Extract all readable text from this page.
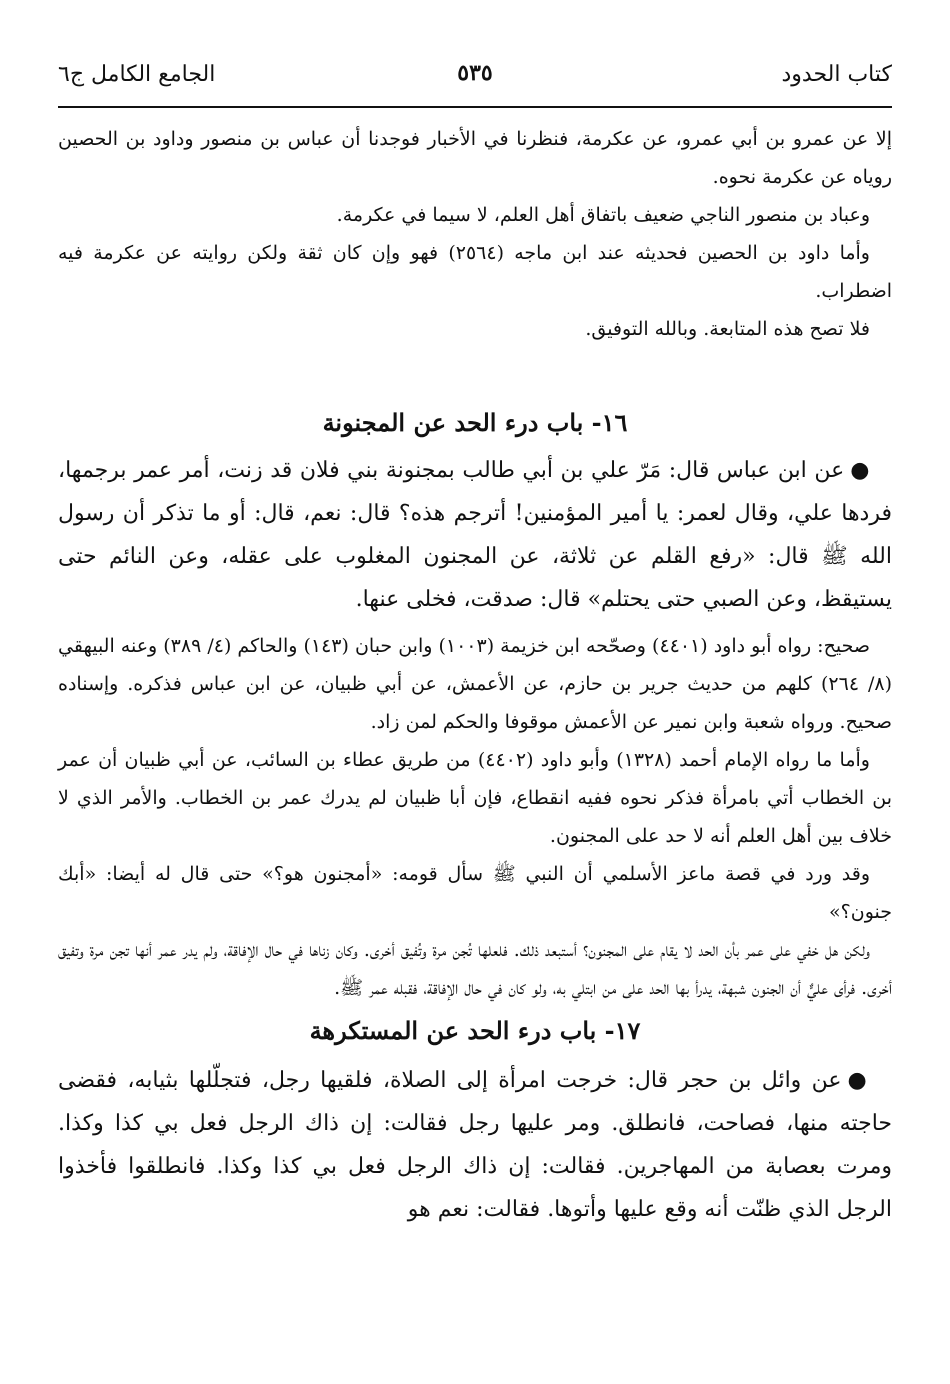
كتاب الحدود
٥٣٥
الجامع الكامل ج٦

إلا عن عمرو بن أبي عمرو، عن عكرمة، فنظرنا في الأخبار فوجدنا أن عباس بن منصور وداود بن الحصين روياه عن عكرمة نحوه.

وعباد بن منصور الناجي ضعيف باتفاق أهل العلم، لا سيما في عكرمة.

وأما داود بن الحصين فحديثه عند ابن ماجه (٢٥٦٤) فهو وإن كان ثقة ولكن روايته عن عكرمة فيه اضطراب.

فلا تصح هذه المتابعة. وبالله التوفيق.

١٦- باب درء الحد عن المجنونة

●عن ابن عباس قال: مَرّ علي بن أبي طالب بمجنونة بني فلان قد زنت، أمر عمر برجمها، فردها علي، وقال لعمر: يا أمير المؤمنين! أترجم هذه؟ قال: نعم، قال: أو ما تذكر أن رسول الله ﷺ قال: «رفع القلم عن ثلاثة، عن المجنون المغلوب على عقله، وعن النائم حتى يستيقظ، وعن الصبي حتى يحتلم» قال: صدقت، فخلى عنها.

صحيح: رواه أبو داود (٤٤٠١) وصحّحه ابن خزيمة (١٠٠٣) وابن حبان (١٤٣) والحاكم (٤/ ٣٨٩) وعنه البيهقي (٨/ ٢٦٤) كلهم من حديث جرير بن حازم، عن الأعمش، عن أبي ظبيان، عن ابن عباس فذكره. وإسناده صحيح. ورواه شعبة وابن نمير عن الأعمش موقوفا والحكم لمن زاد.

وأما ما رواه الإمام أحمد (١٣٢٨) وأبو داود (٤٤٠٢) من طريق عطاء بن السائب، عن أبي ظبيان أن عمر بن الخطاب أتي بامرأة فذكر نحوه ففيه انقطاع، فإن أبا ظبيان لم يدرك عمر بن الخطاب. والأمر الذي لا خلاف بين أهل العلم أنه لا حد على المجنون.

وقد ورد في قصة ماعز الأسلمي أن النبي ﷺ سأل قومه: «أمجنون هو؟» حتى قال له أيضا: «أبك جنون؟»

ولكن هل خفي على عمر بأن الحد لا يقام على المجنون؟ أستبعد ذلك. فلعلها تُجن مرة وتُفيق أخرى. وكان زناها في حال الإفاقة، ولم يدر عمر أنها تجن مرة وتفيق أخرى. فرأى عليٌّ أن الجنون شبهة، يدرأ بها الحد على من ابتلي به، ولو كان في حال الإفاقة، فقبله عمر ﷺ.

١٧- باب درء الحد عن المستكرهة

●عن وائل بن حجر قال: خرجت امرأة إلى الصلاة، فلقيها رجل، فتجلّلها بثيابه، فقضى حاجته منها، فصاحت، فانطلق. ومر عليها رجل فقالت: إن ذاك الرجل فعل بي كذا وكذا. ومرت بعصابة من المهاجرين. فقالت: إن ذاك الرجل فعل بي كذا وكذا. فانطلقوا فأخذوا الرجل الذي ظنّت أنه وقع عليها وأتوها. فقالت: نعم هو
